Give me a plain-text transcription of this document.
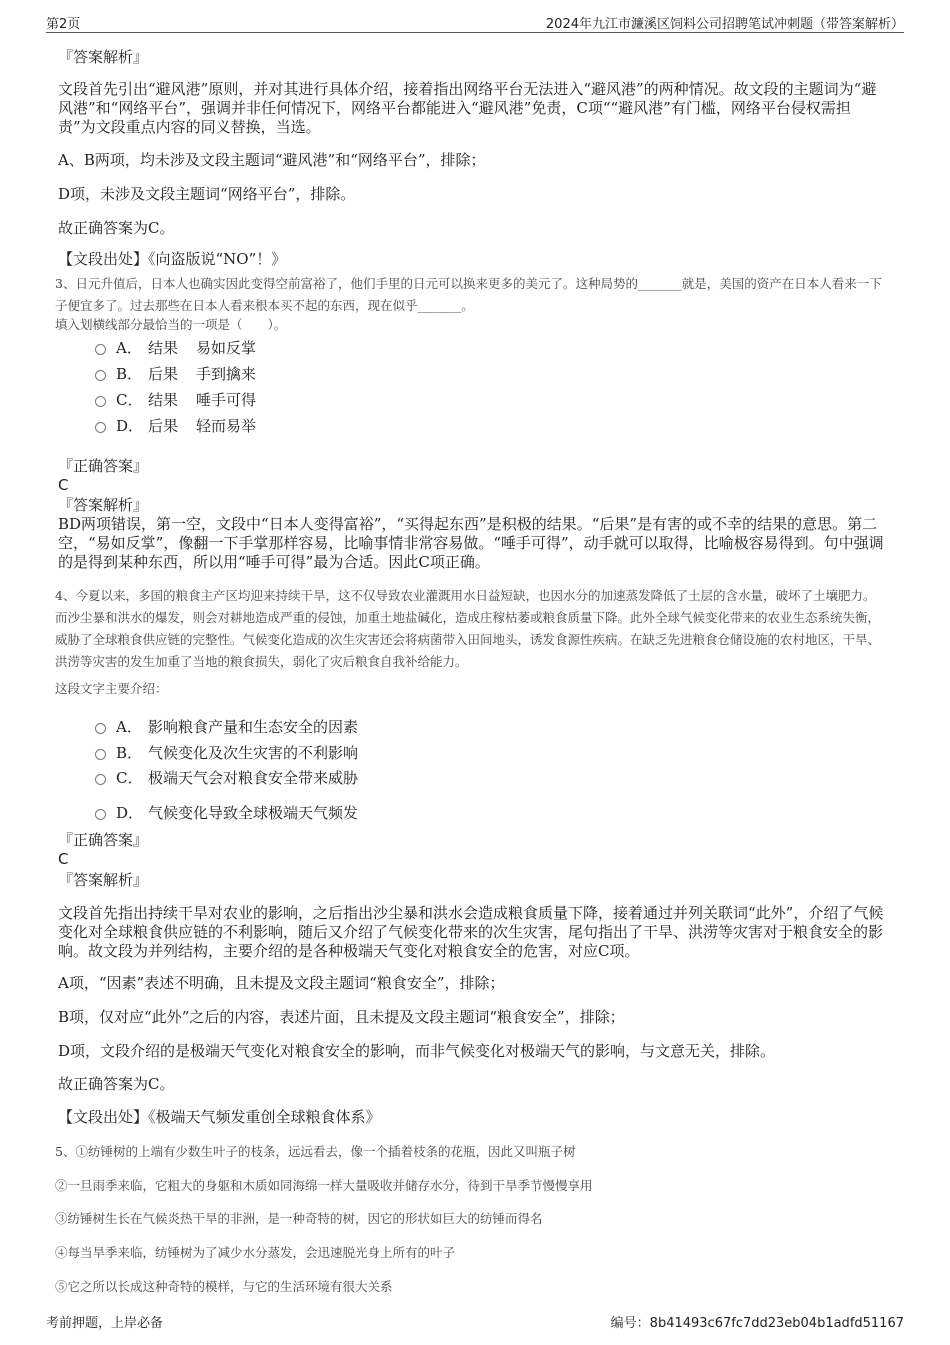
第2页	2024年九江市濂溪区饲料公司招聘笔试冲刺题（带答案解析）

『答案解析』

文段首先引出“避风港”原则，并对其进行具体介绍，接着指出网络平台无法进入“避风港”的两种情况。故文段的主题词为“避风港”和“网络平台”，强调并非任何情况下，网络平台都能进入“避风港”免责，C项““避风港”有门槛，网络平台侵权需担责”为文段重点内容的同义替换，当选。

A、B两项，均未涉及文段主题词“避风港”和“网络平台”，排除；

D项，未涉及文段主题词“网络平台”，排除。

故正确答案为C。

【文段出处】《向盗版说“NO”！》

3、日元升值后，日本人也确实因此变得空前富裕了，他们手里的日元可以换来更多的美元了。这种局势的_______就是，美国的资产在日本人看来一下子便宜多了。过去那些在日本人看来根本买不起的东西，现在似乎_______。

填入划横线部分最恰当的一项是（　　）。

A． 结果	易如反掌
B． 后果	手到擒来
C． 结果	唾手可得
D． 后果	轻而易举

『正确答案』

C

『答案解析』

BD两项错误，第一空，文段中“日本人变得富裕”，“买得起东西”是积极的结果。“后果”是有害的或不幸的结果的意思。第二空，“易如反掌”，像翻一下手掌那样容易，比喻事情非常容易做。“唾手可得”，动手就可以取得，比喻极容易得到。句中强调的是得到某种东西，所以用“唾手可得”最为合适。因此C项正确。

4、今夏以来，多国的粮食主产区均迎来持续干旱，这不仅导致农业灌溉用水日益短缺，也因水分的加速蒸发降低了土层的含水量，破坏了土壤肥力。而沙尘暴和洪水的爆发，则会对耕地造成严重的侵蚀，加重土地盐碱化，造成庄稼枯萎或粮食质量下降。此外全球气候变化带来的农业生态系统失衡，威胁了全球粮食供应链的完整性。气候变化造成的次生灾害还会将病菌带入田间地头，诱发食源性疾病。在缺乏先进粮食仓储设施的农村地区，干旱、洪涝等灾害的发生加重了当地的粮食损失，弱化了灾后粮食自我补给能力。

这段文字主要介绍：

A． 影响粮食产量和生态安全的因素
B． 气候变化及次生灾害的不利影响
C． 极端天气会对粮食安全带来威胁
D． 气候变化导致全球极端天气频发

『正确答案』

C

『答案解析』

文段首先指出持续干旱对农业的影响，之后指出沙尘暴和洪水会造成粮食质量下降，接着通过并列关联词“此外”，介绍了气候变化对全球粮食供应链的不利影响，随后又介绍了气候变化带来的次生灾害，尾句指出了干旱、洪涝等灾害对于粮食安全的影响。故文段为并列结构，主要介绍的是各种极端天气变化对粮食安全的危害，对应C项。

A项，“因素”表述不明确，且未提及文段主题词“粮食安全”，排除；

B项，仅对应“此外”之后的内容，表述片面，且未提及文段主题词“粮食安全”，排除；

D项，文段介绍的是极端天气变化对粮食安全的影响，而非气候变化对极端天气的影响，与文意无关，排除。

故正确答案为C。

【文段出处】《极端天气频发重创全球粮食体系》

5、①纺锤树的上端有少数生叶子的枝条，远远看去，像一个插着枝条的花瓶，因此又叫瓶子树

②一旦雨季来临，它粗大的身躯和木质如同海绵一样大量吸收并储存水分，待到干旱季节慢慢享用

③纺锤树生长在气候炎热干旱的非洲，是一种奇特的树，因它的形状如巨大的纺锤而得名

④每当旱季来临，纺锤树为了减少水分蒸发，会迅速脱光身上所有的叶子

⑤它之所以长成这种奇特的模样，与它的生活环境有很大关系

考前押题，上岸必备	编号：8b41493c67fc7dd23eb04b1adfd51167
